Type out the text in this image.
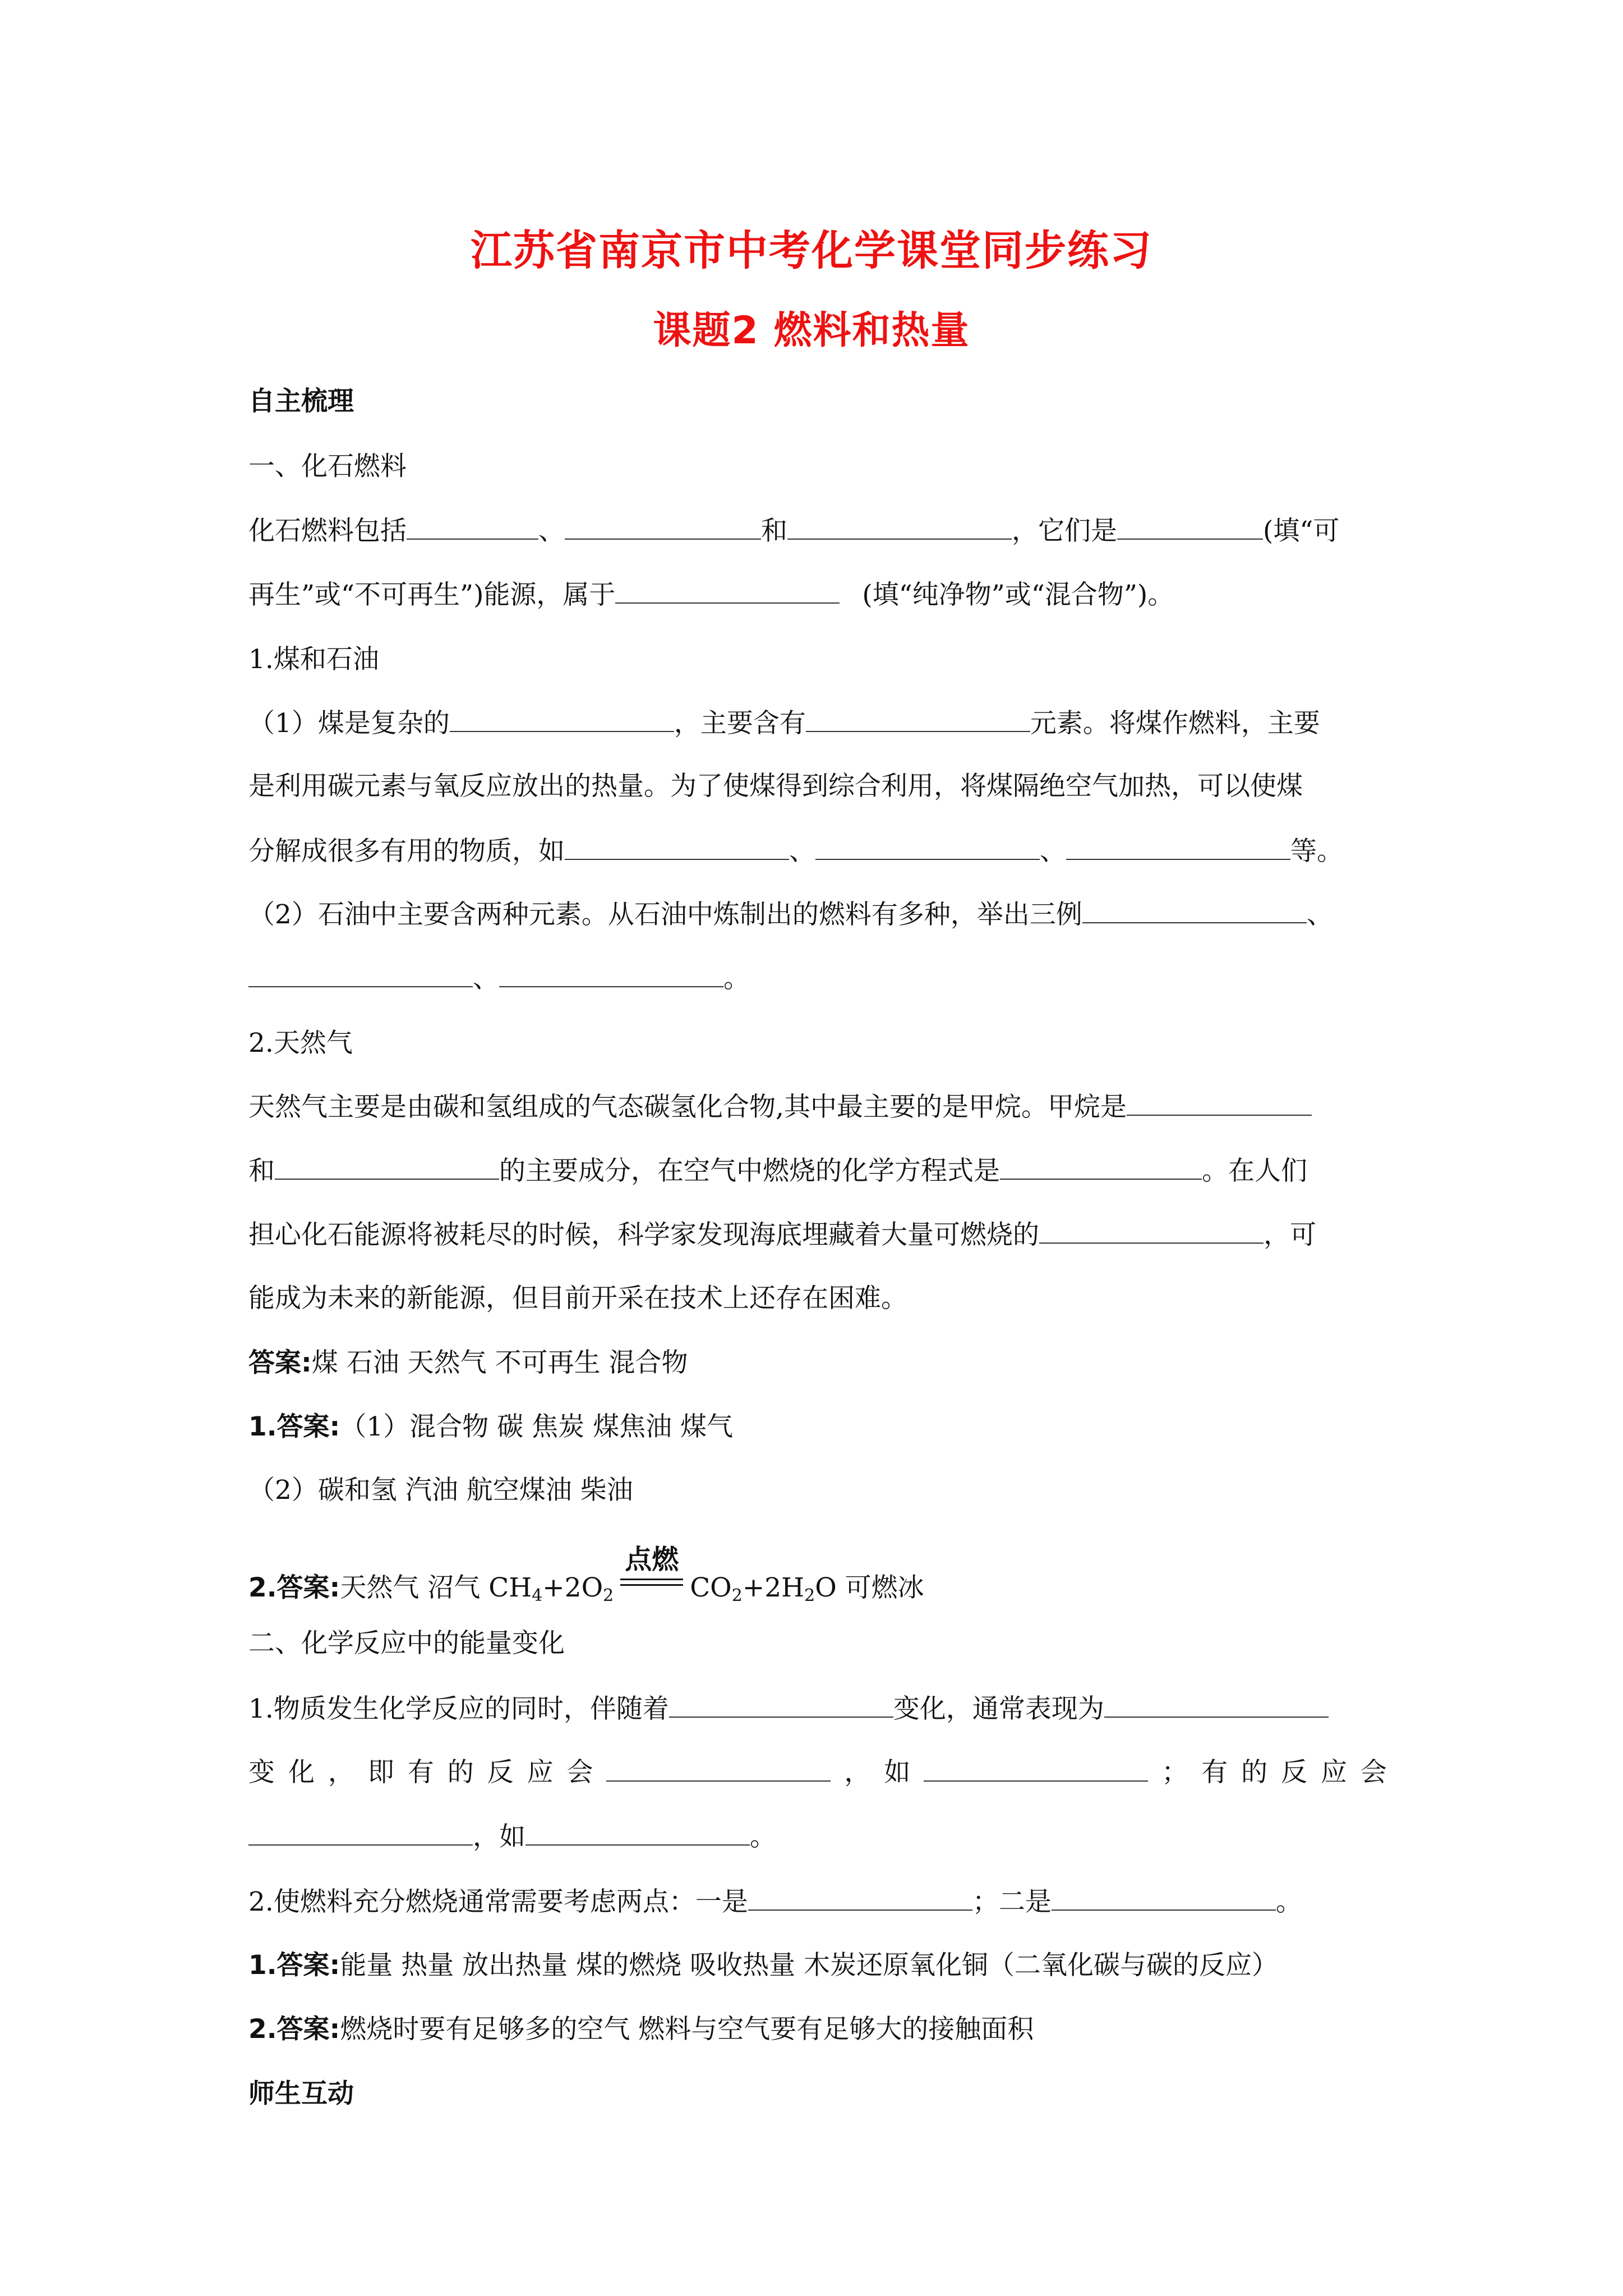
江苏省南京市中考化学课堂同步练习
课题2 燃料和热量
自主梳理
一、化石燃料
化石燃料包括	、	和	，它们是	(填“可
再生”或“不可再生”)能源，属于	(填“纯净物”或“混合物”)。
1.煤和石油
（1）煤是复杂的	，主要含有	元素。将煤作燃料，主要
是利用碳元素与氧反应放出的热量。为了使煤得到综合利用，将煤隔绝空气加热，可以使煤
分解成很多有用的物质，如	、	、	等。
（2）石油中主要含两种元素。从石油中炼制出的燃料有多种，举出三例	、
、	。
2.天然气
天然气主要是由碳和氢组成的气态碳氢化合物,其中最主要的是甲烷。甲烷是
和	的主要成分，在空气中燃烧的化学方程式是	。在人们
担心化石能源将被耗尽的时候，科学家发现海底埋藏着大量可燃烧的	，可
能成为未来的新能源，但目前开采在技术上还存在困难。
答案:煤 石油 天然气 不可再生 混合物
1.答案:（1）混合物 碳 焦炭 煤焦油 煤气
（2）碳和氢 汽油 航空煤油 柴油
2.答案:天然气 沼气 $CH_4+2O_2$
点燃
$CO_2+2H_2O$ 可燃冰
二、化学反应中的能量变化
1.物质发生化学反应的同时，伴随着	变化，通常表现为
变 化 ， 即 有 的 反 应 会	， 如	； 有 的 反 应 会
，如	。
2.使燃料充分燃烧通常需要考虑两点：一是	；二是	。
1.答案:能量 热量 放出热量 煤的燃烧 吸收热量 木炭还原氧化铜（二氧化碳与碳的反应）
2.答案:燃烧时要有足够多的空气 燃料与空气要有足够大的接触面积
师生互动
